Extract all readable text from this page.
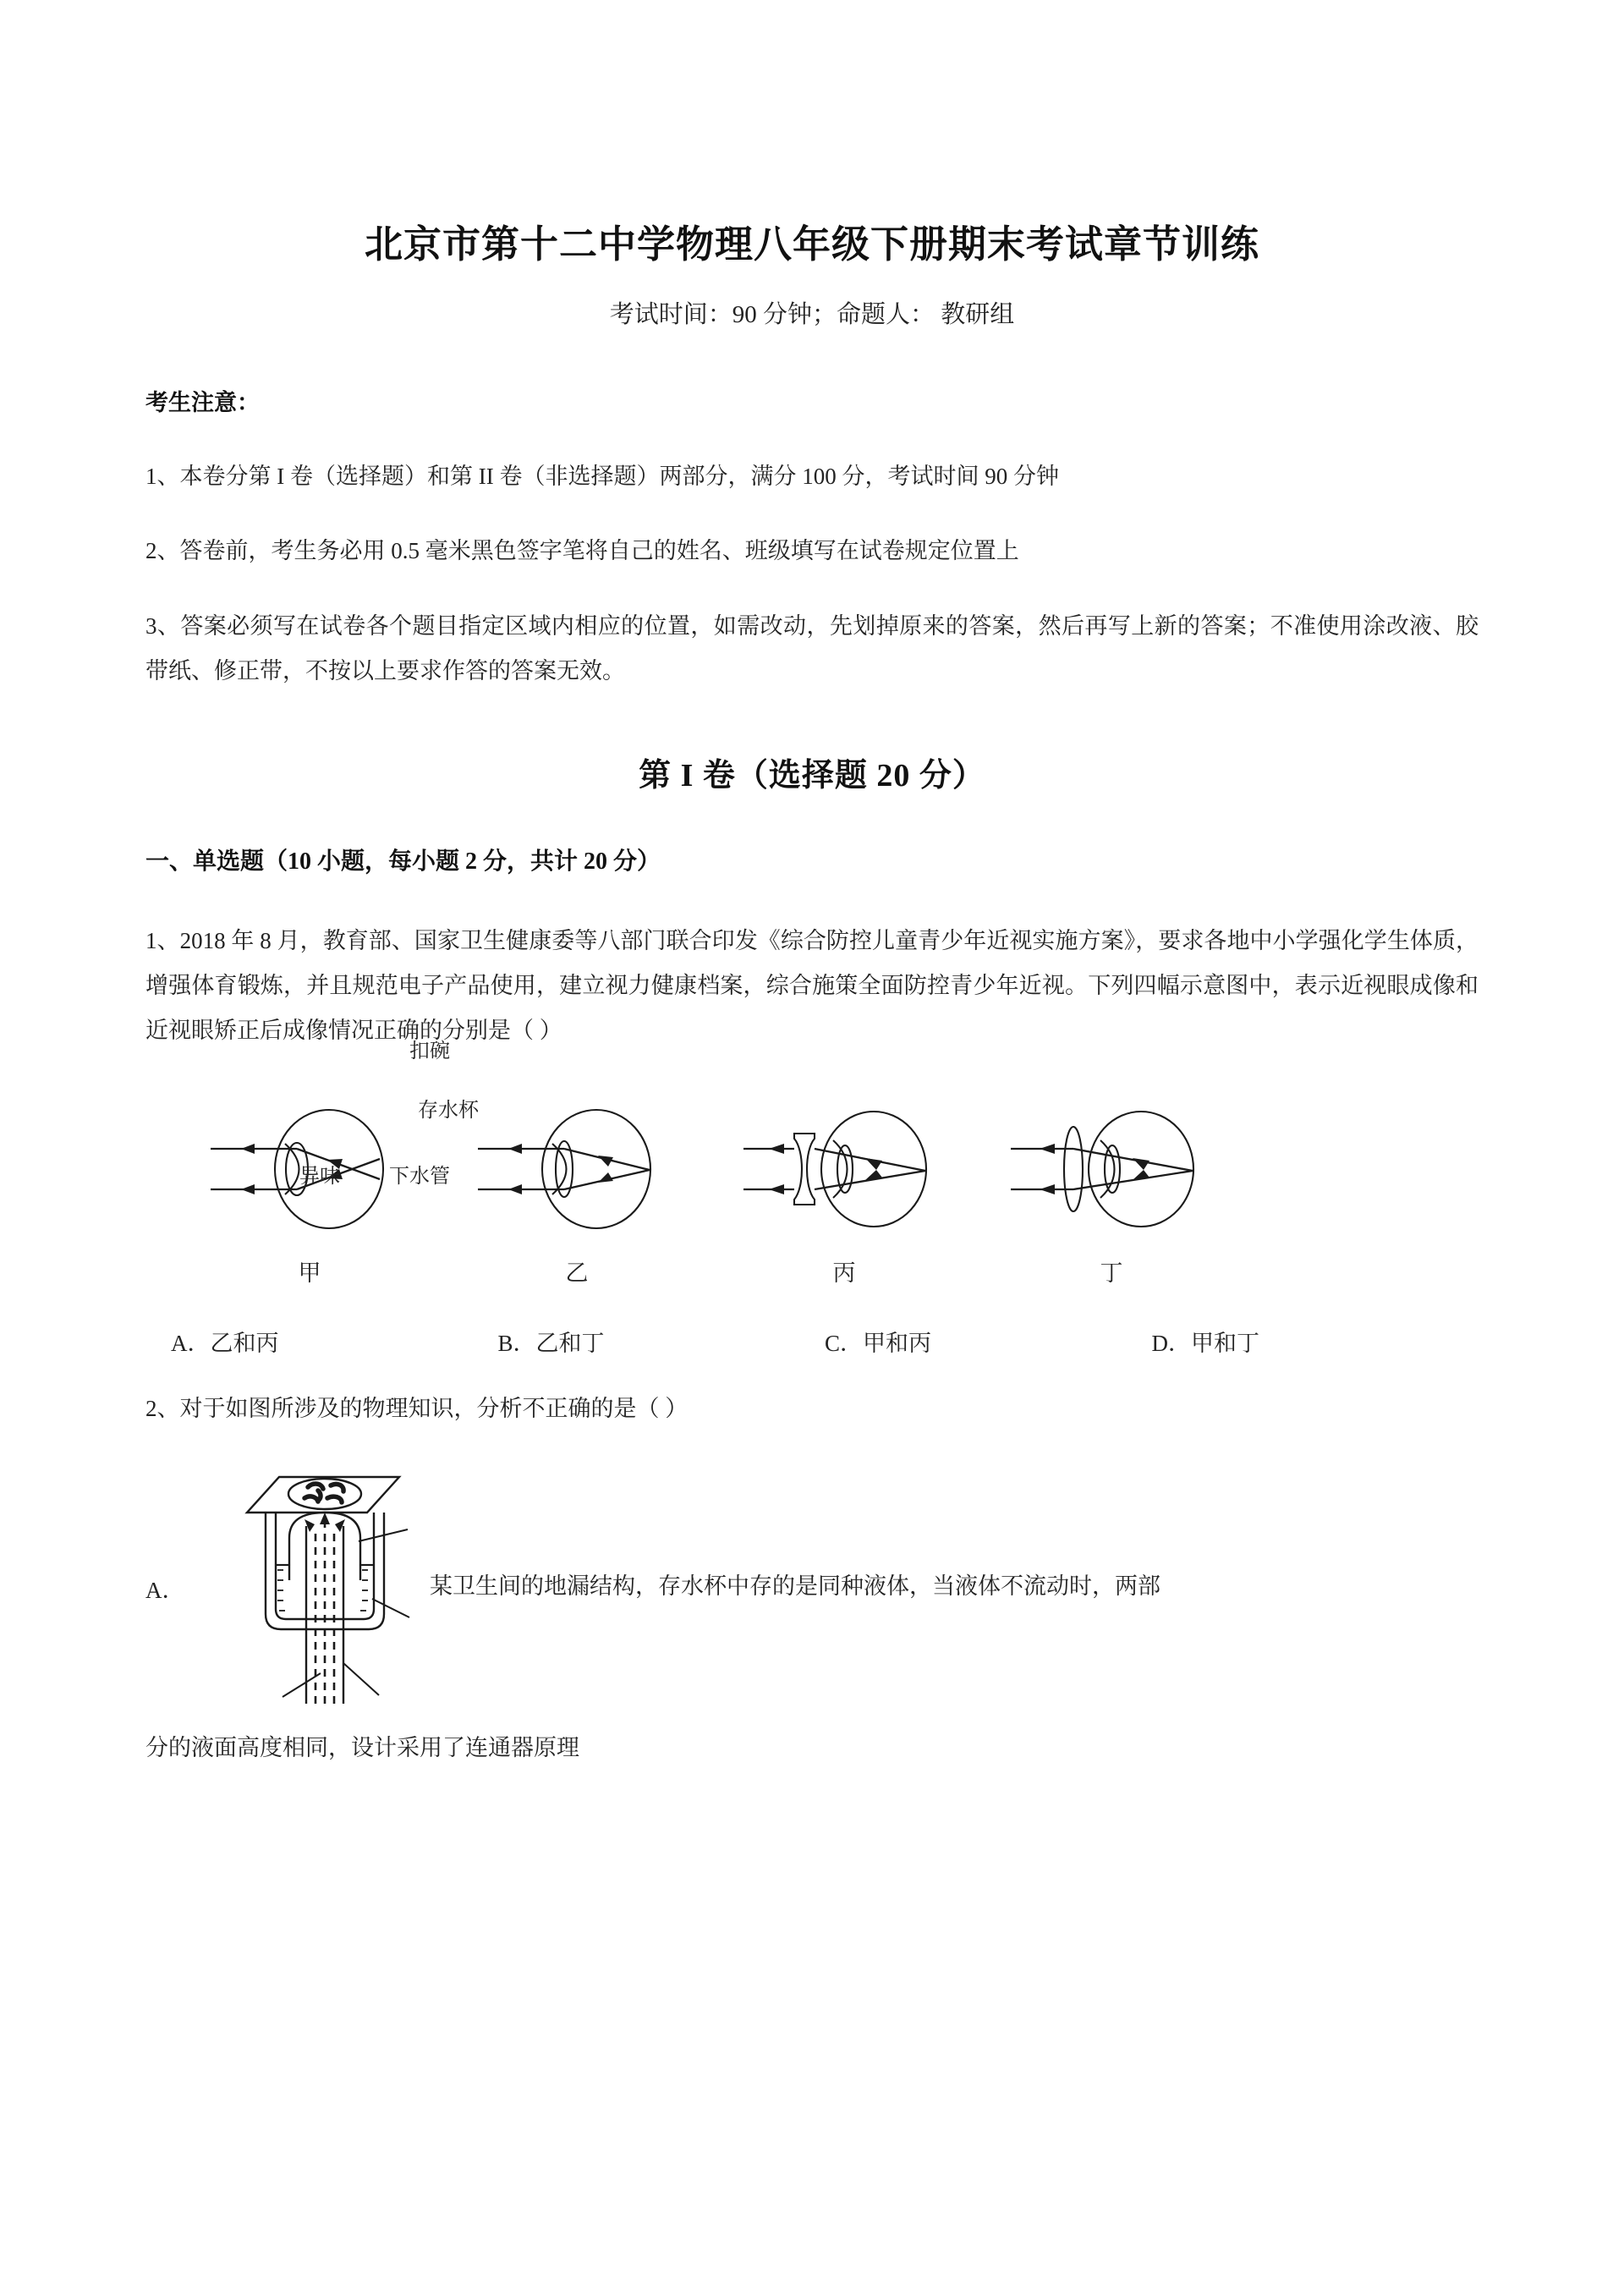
北京市第十二中学物理八年级下册期末考试章节训练
考试时间：90 分钟；命题人： 教研组
考生注意：

1、本卷分第 I 卷（选择题）和第 II 卷（非选择题）两部分，满分 100 分，考试时间 90 分钟

2、答卷前，考生务必用 0.5 毫米黑色签字笔将自己的姓名、班级填写在试卷规定位置上

3、答案必须写在试卷各个题目指定区域内相应的位置，如需改动，先划掉原来的答案，然后再写上新的答案；不准使用涂改液、胶带纸、修正带，不按以上要求作答的答案无效。

第 I 卷（选择题 20 分）
一、单选题（10 小题，每小题 2 分，共计 20 分）

1、2018 年 8 月，教育部、国家卫生健康委等八部门联合印发《综合防控儿童青少年近视实施方案》，要求各地中小学强化学生体质，增强体育锻炼，并且规范电子产品使用，建立视力健康档案，综合施策全面防控青少年近视。下列四幅示意图中，表示近视眼成像和近视眼矫正后成像情况正确的分别是（ ）

甲	乙	丙	丁
A．乙和丙	B．乙和丁	C．甲和丙	D．甲和丁

2、对于如图所涉及的物理知识，分析不正确的是（ ）

A．	某卫生间的地漏结构，存水杯中存的是同种液体，当液体不流动时，两部
分的液面高度相同，设计采用了连通器原理
扣碗
存水杯
异味 下水管
